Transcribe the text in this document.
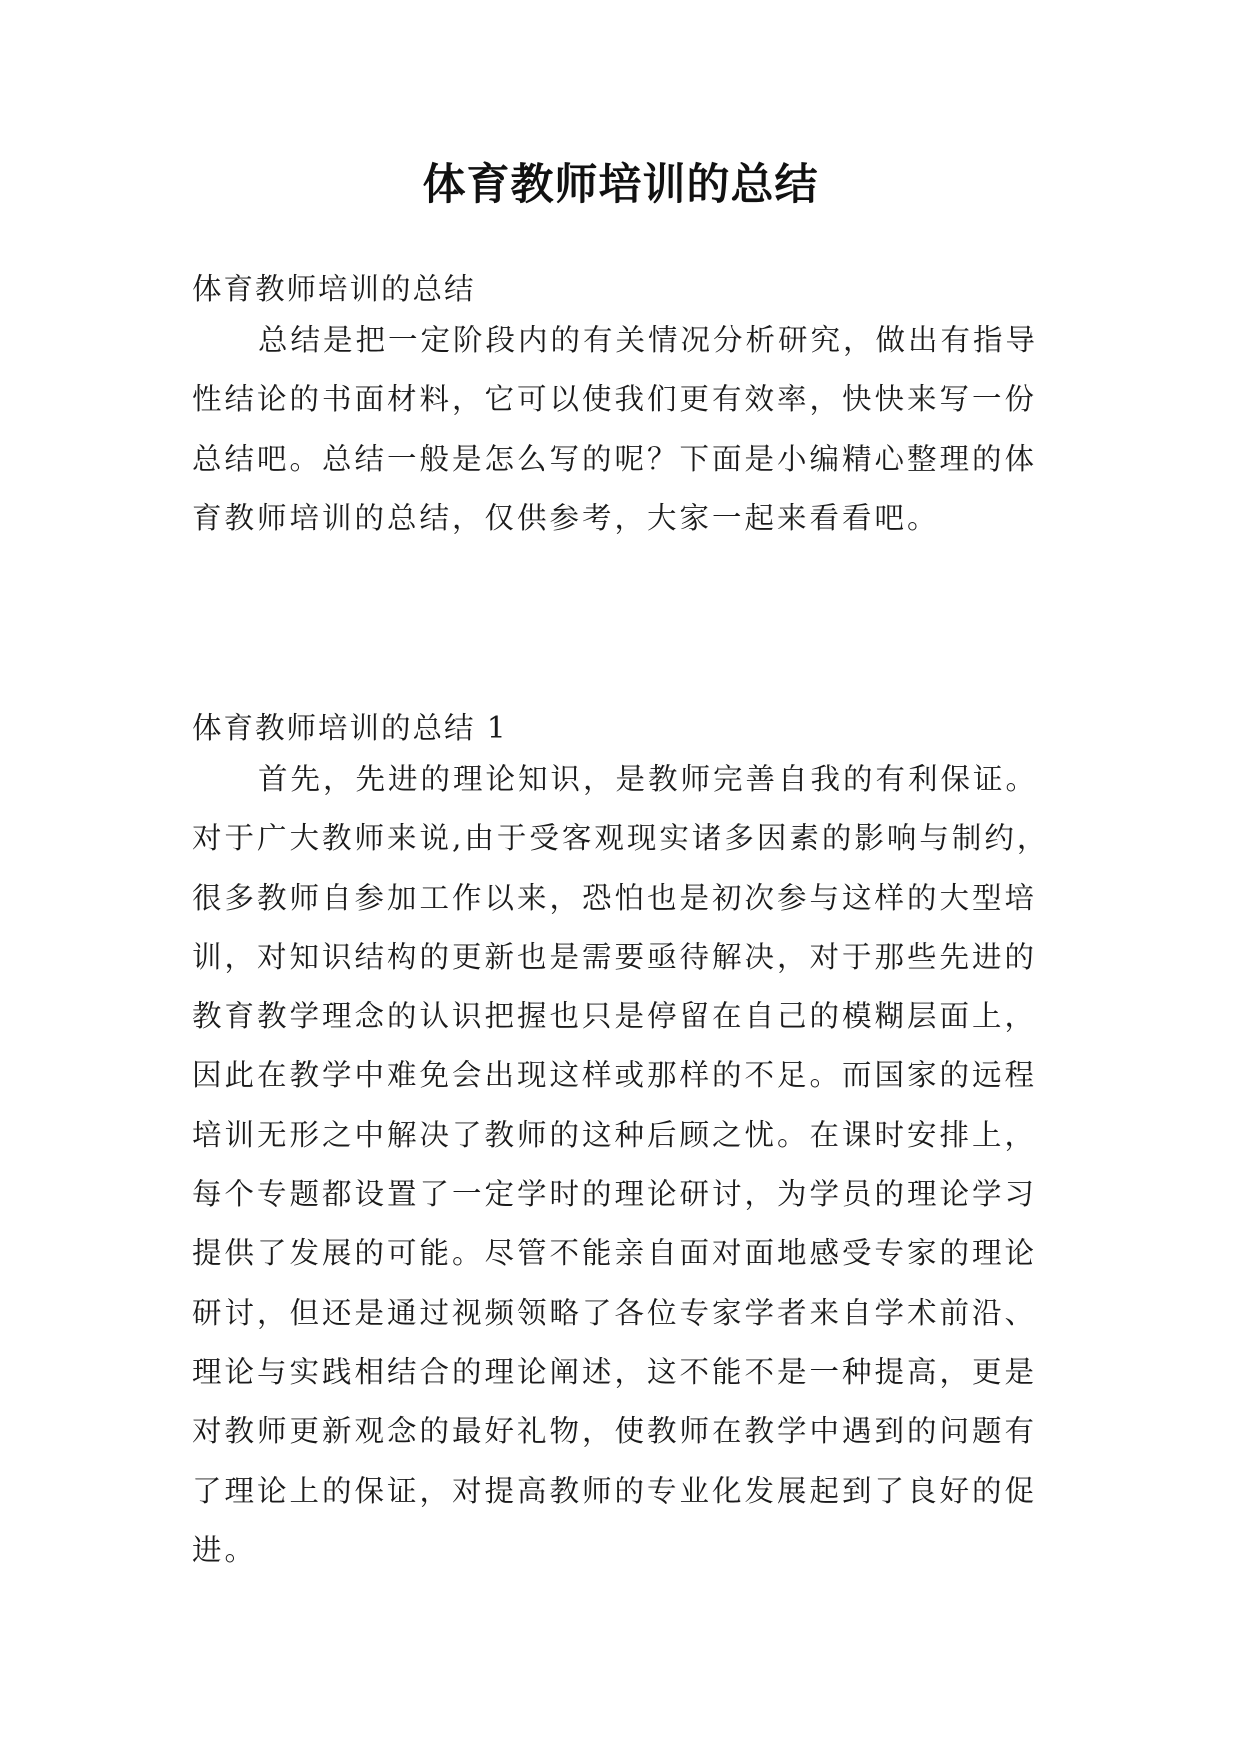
体育教师培训的总结
体育教师培训的总结
总结是把一定阶段内的有关情况分析研究，做出有指导
性结论的书面材料，它可以使我们更有效率，快快来写一份
总结吧。总结一般是怎么写的呢？下面是小编精心整理的体
育教师培训的总结，仅供参考，大家一起来看看吧。
体育教师培训的总结 1
首先，先进的理论知识，是教师完善自我的有利保证。
对于广大教师来说,由于受客观现实诸多因素的影响与制约，
很多教师自参加工作以来，恐怕也是初次参与这样的大型培
训，对知识结构的更新也是需要亟待解决，对于那些先进的
教育教学理念的认识把握也只是停留在自己的模糊层面上，
因此在教学中难免会出现这样或那样的不足。而国家的远程
培训无形之中解决了教师的这种后顾之忧。在课时安排上，
每个专题都设置了一定学时的理论研讨，为学员的理论学习
提供了发展的可能。尽管不能亲自面对面地感受专家的理论
研讨，但还是通过视频领略了各位专家学者来自学术前沿、
理论与实践相结合的理论阐述，这不能不是一种提高，更是
对教师更新观念的最好礼物，使教师在教学中遇到的问题有
了理论上的保证，对提高教师的专业化发展起到了良好的促
进。
